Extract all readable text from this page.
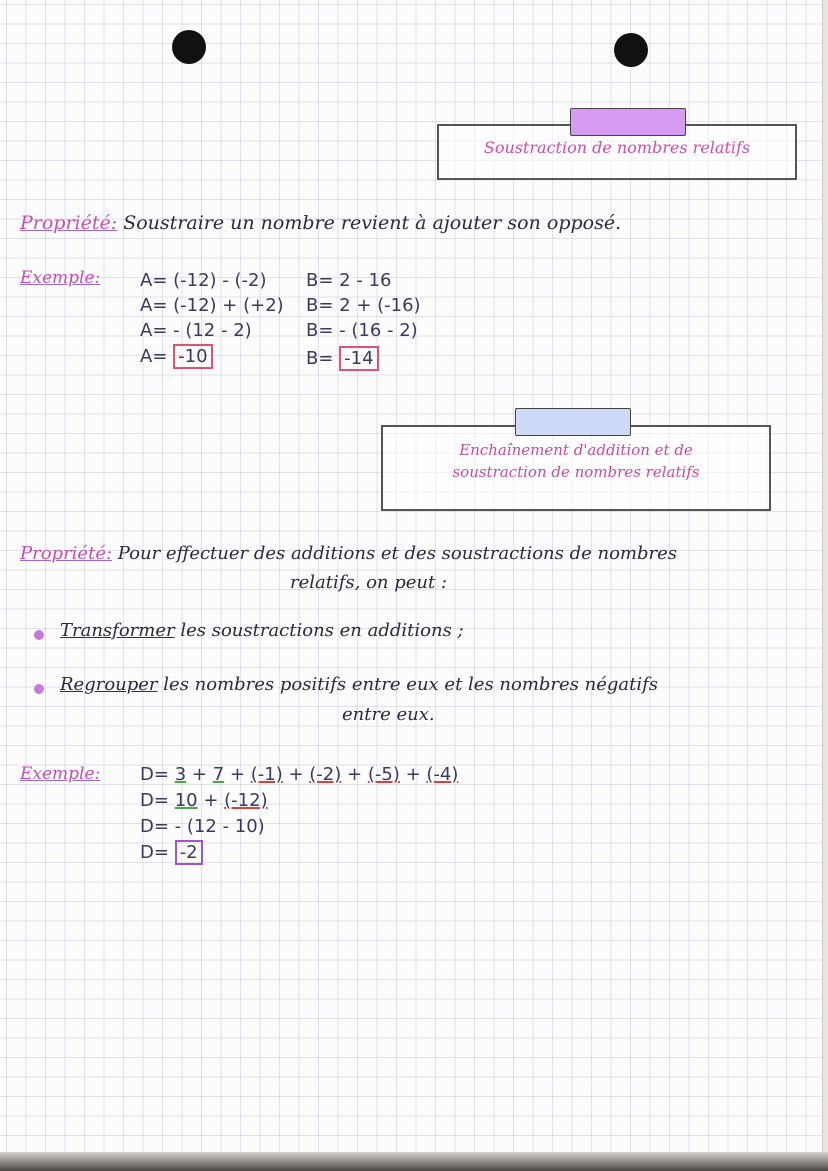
Soustraction de nombres relatifs
Propriété: Soustraire un nombre revient à ajouter son opposé.
Exemple: A= (-12) - (-2)
A= (-12) + (+2)
A= - (12 - 2)
A= -10
B= 2 - 16
B= 2 + (-16)
B= - (16 - 2)
B= -14
Enchaînement d'addition et de
soustraction de nombres relatifs
Propriété: Pour effectuer des additions et des soustractions de nombres
relatifs, on peut :
Transformer les soustractions en additions ;
Regrouper les nombres positifs entre eux et les nombres négatifs
entre eux.
Exemple: D= 3 + 7 + (-1) + (-2) + (-5) + (-4)
D= 10 + (-12)
D= - (12 - 10)
D= -2
